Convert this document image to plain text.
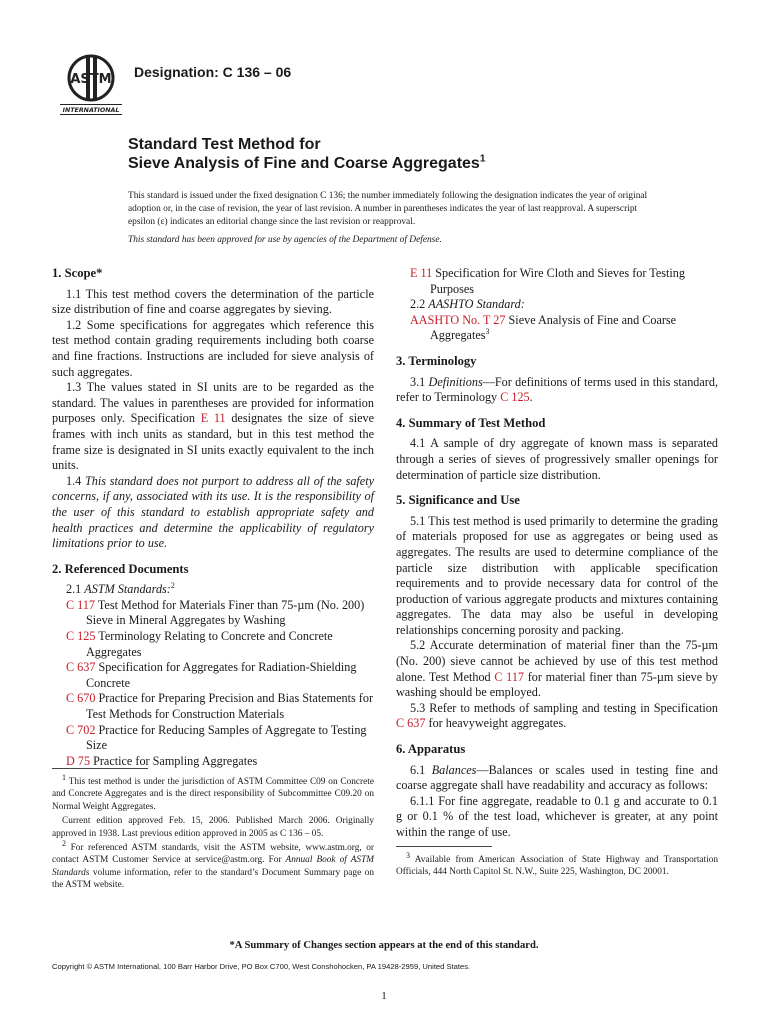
ASTM
INTERNATIONAL
Designation: C 136 – 06
Standard Test Method for
Sieve Analysis of Fine and Coarse Aggregates$^1$

This standard is issued under the fixed designation C 136; the number immediately following the designation indicates the year of original adoption or, in the case of revision, the year of last revision. A number in parentheses indicates the year of last reapproval. A superscript epsilon (ε) indicates an editorial change since the last revision or reapproval.

This standard has been approved for use by agencies of the Department of Defense.

1. Scope*

1.1 This test method covers the determination of the particle size distribution of fine and coarse aggregates by sieving.

1.2 Some specifications for aggregates which reference this test method contain grading requirements including both coarse and fine fractions. Instructions are included for sieve analysis of such aggregates.

1.3 The values stated in SI units are to be regarded as the standard. The values in parentheses are provided for information purposes only. Specification E 11 designates the size of sieve frames with inch units as standard, but in this test method the frame size is designated in SI units exactly equivalent to the inch units.

1.4 This standard does not purport to address all of the safety concerns, if any, associated with its use. It is the responsibility of the user of this standard to establish appropriate safety and health practices and determine the applicability of regulatory limitations prior to use.

2. Referenced Documents

2.1 ASTM Standards:$^2$

C 117 Test Method for Materials Finer than 75-µm (No. 200) Sieve in Mineral Aggregates by Washing

C 125 Terminology Relating to Concrete and Concrete Aggregates

C 637 Specification for Aggregates for Radiation-Shielding Concrete

C 670 Practice for Preparing Precision and Bias Statements for Test Methods for Construction Materials

C 702 Practice for Reducing Samples of Aggregate to Testing Size

D 75 Practice for Sampling Aggregates

$^1$ This test method is under the jurisdiction of ASTM Committee C09 on Concrete and Concrete Aggregates and is the direct responsibility of Subcommittee C09.20 on Normal Weight Aggregates.

Current edition approved Feb. 15, 2006. Published March 2006. Originally approved in 1938. Last previous edition approved in 2005 as C 136 – 05.

$^2$ For referenced ASTM standards, visit the ASTM website, www.astm.org, or contact ASTM Customer Service at service@astm.org. For Annual Book of ASTM Standards volume information, refer to the standard’s Document Summary page on the ASTM website.

E 11 Specification for Wire Cloth and Sieves for Testing Purposes

2.2 AASHTO Standard:

AASHTO No. T 27 Sieve Analysis of Fine and Coarse Aggregates$^3$

3. Terminology

3.1 Definitions—For definitions of terms used in this standard, refer to Terminology C 125.

4. Summary of Test Method

4.1 A sample of dry aggregate of known mass is separated through a series of sieves of progressively smaller openings for determination of particle size distribution.

5. Significance and Use

5.1 This test method is used primarily to determine the grading of materials proposed for use as aggregates or being used as aggregates. The results are used to determine compliance of the particle size distribution with applicable specification requirements and to provide necessary data for control of the production of various aggregate products and mixtures containing aggregates. The data may also be useful in developing relationships concerning porosity and packing.

5.2 Accurate determination of material finer than the 75-µm (No. 200) sieve cannot be achieved by use of this test method alone. Test Method C 117 for material finer than 75-µm sieve by washing should be employed.

5.3 Refer to methods of sampling and testing in Specification C 637 for heavyweight aggregates.

6. Apparatus

6.1 Balances—Balances or scales used in testing fine and coarse aggregate shall have readability and accuracy as follows:

6.1.1 For fine aggregate, readable to 0.1 g and accurate to 0.1 g or 0.1 % of the test load, whichever is greater, at any point within the range of use.

$^3$ Available from American Association of State Highway and Transportation Officials, 444 North Capitol St. N.W., Suite 225, Washington, DC 20001.

*A Summary of Changes section appears at the end of this standard.
Copyright © ASTM International, 100 Barr Harbor Drive, PO Box C700, West Conshohocken, PA 19428-2959, United States.
1
